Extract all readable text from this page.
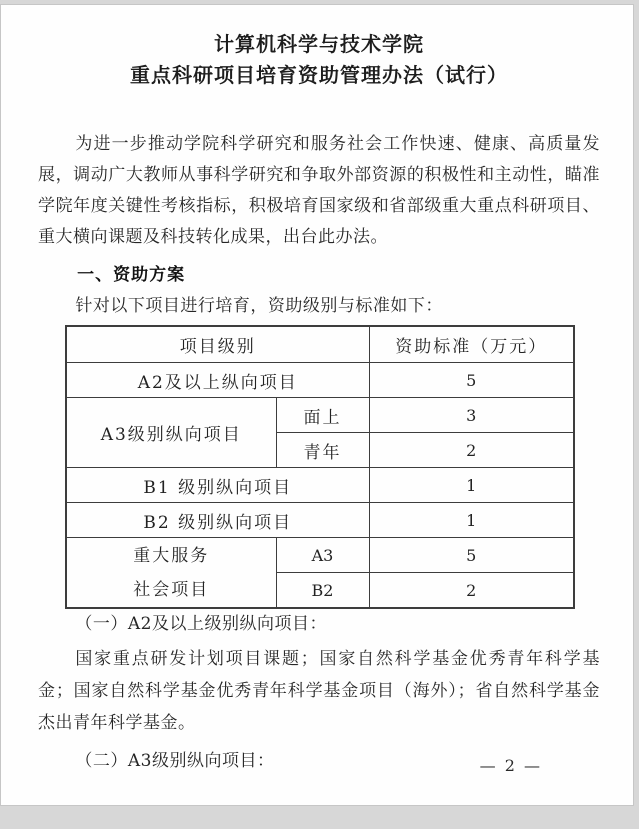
计算机科学与技术学院
重点科研项目培育资助管理办法（试行）

为进一步推动学院科学研究和服务社会工作快速、健康、高质量发展，调动广大教师从事科学研究和争取外部资源的积极性和主动性，瞄准学院年度关键性考核指标，积极培育国家级和省部级重大重点科研项目、重大横向课题及科技转化成果，出台此办法。

一、资助方案

针对以下项目进行培育，资助级别与标准如下：

项目级别		资助标准（万元）
A2及以上纵向项目		5
A3级别纵向项目	面上	3
	青年	2
B1 级别纵向项目		1
B2 级别纵向项目		1

重大服务
社会项目	A3	5
	B2	2
（一）A2及以上级别纵向项目：

国家重点研发计划项目课题；国家自然科学基金优秀青年科学基金；国家自然科学基金优秀青年科学基金项目（海外）；省自然科学基金杰出青年科学基金。

（二）A3级别纵向项目：	— 2 —
